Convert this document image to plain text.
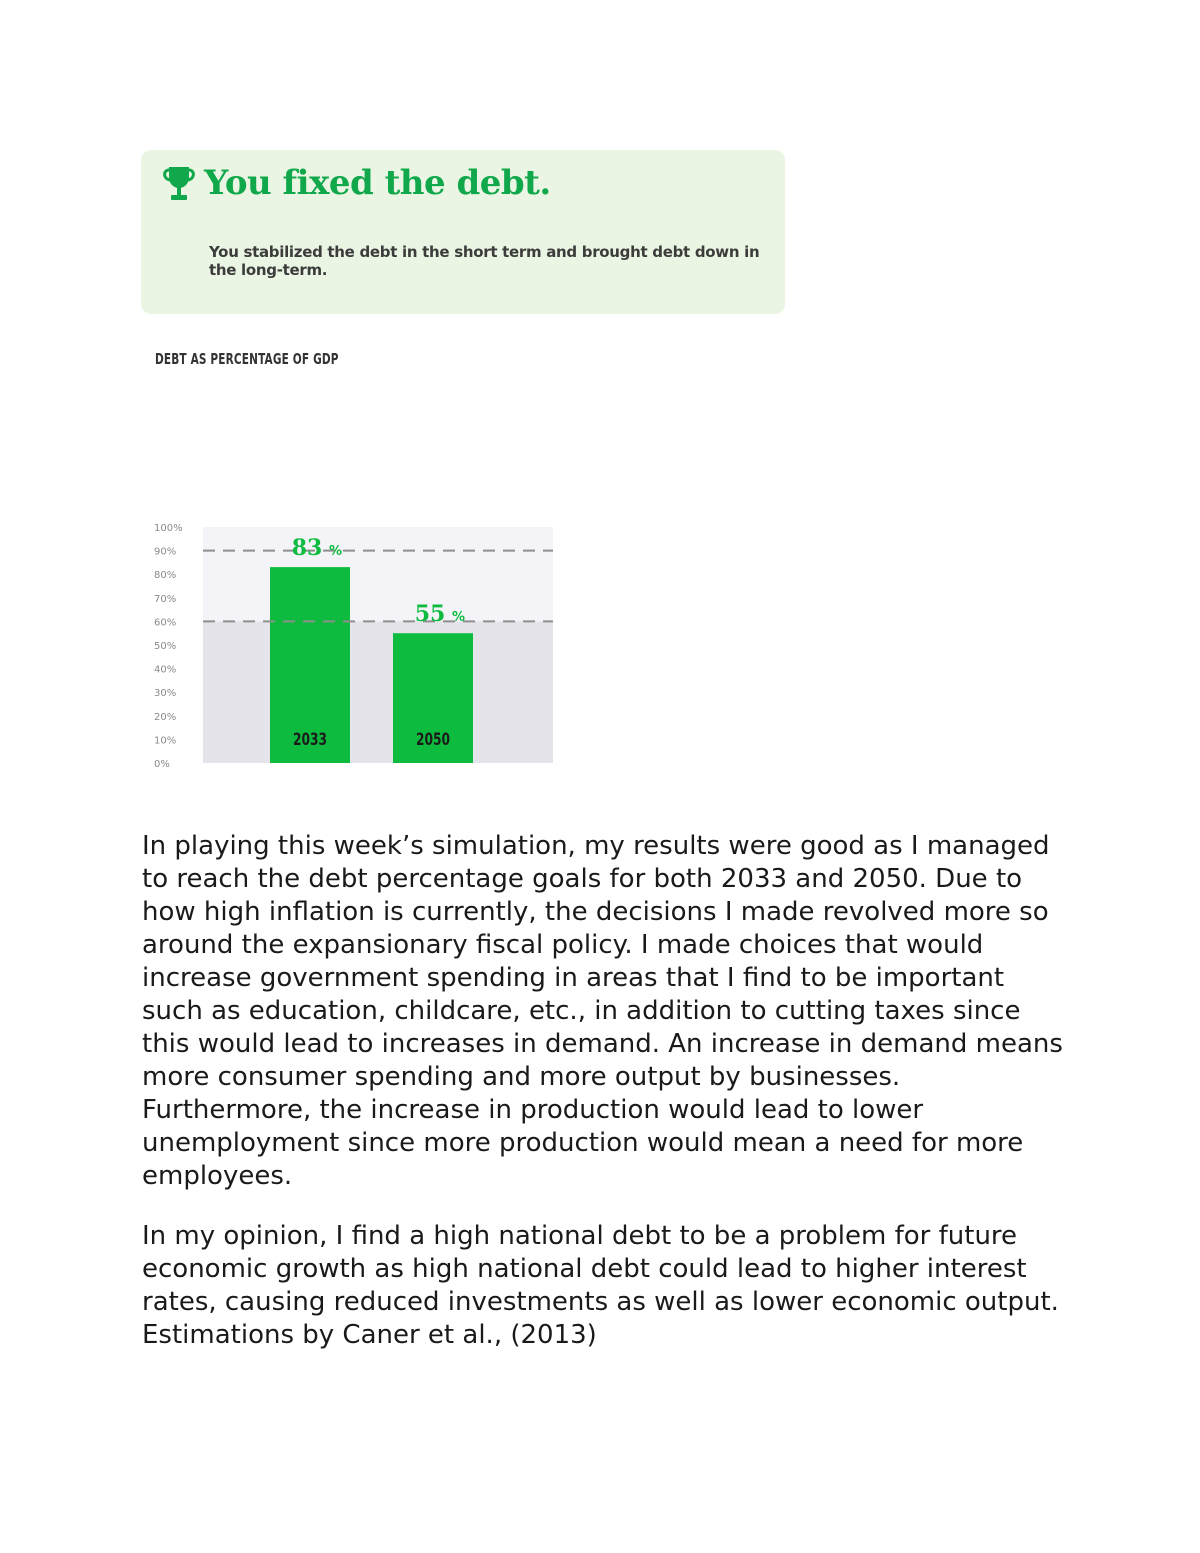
You fixed the debt.
You stabilized the debt in the short term and brought debt down in the long-term.
DEBT AS PERCENTAGE OF GDP
0%
10%
20%
30%
40%
50%
60%
70%
80%
90%
100%
2033	2050
83 %
55 %

In playing this week’s simulation, my results were good as I managed to reach the debt percentage goals for both 2033 and 2050. Due to how high inflation is currently, the decisions I made revolved more so around the expansionary fiscal policy. I made choices that would increase government spending in areas that I find to be important such as education, childcare, etc., in addition to cutting taxes since this would lead to increases in demand. An increase in demand means more consumer spending and more output by businesses. Furthermore, the increase in production would lead to lower unemployment since more production would mean a need for more employees.

In my opinion, I find a high national debt to be a problem for future economic growth as high national debt could lead to higher interest rates, causing reduced investments as well as lower economic output. Estimations by Caner et al., (2013)
